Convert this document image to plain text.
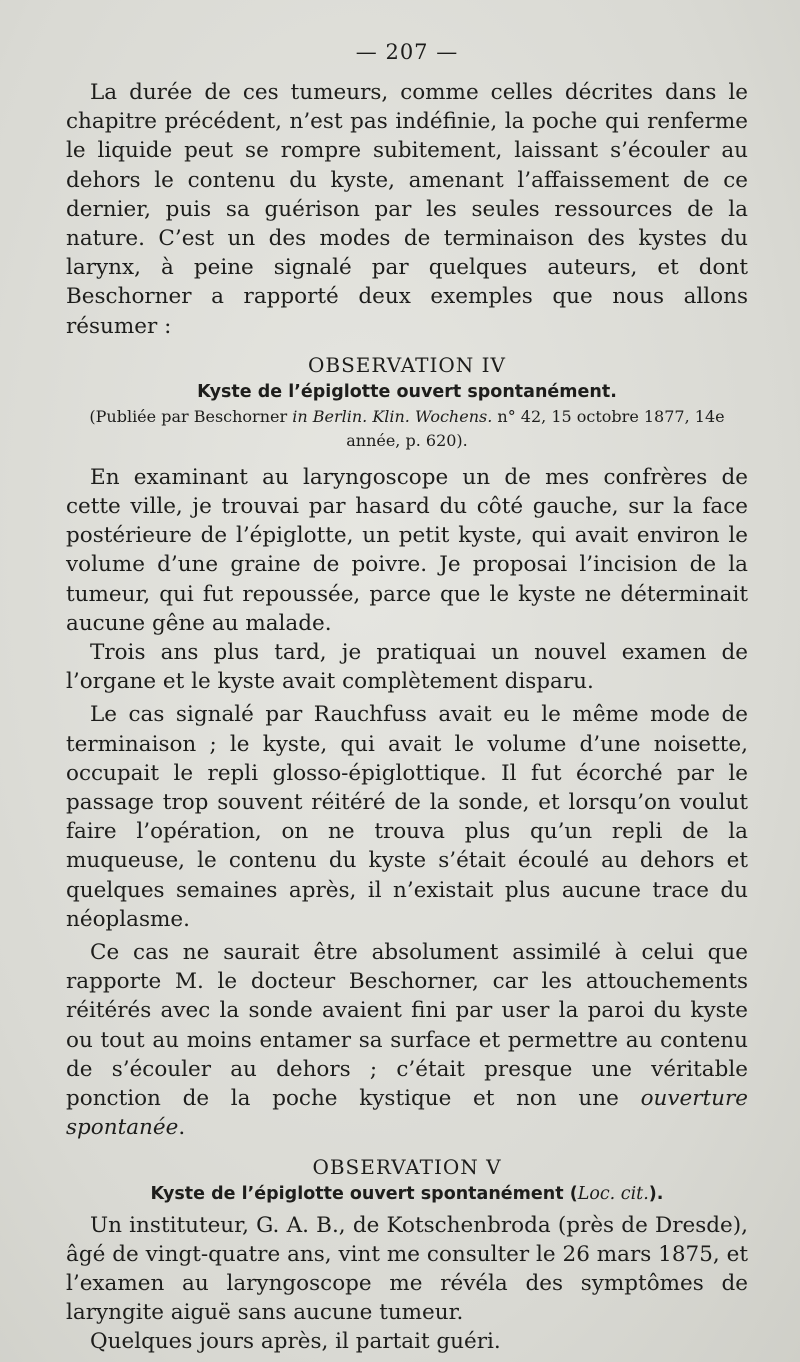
— 207 —

La durée de ces tumeurs, comme celles décrites dans le chapitre précédent, n’est pas indéfinie, la poche qui renferme le liquide peut se rompre subitement, laissant s’écouler au dehors le contenu du kyste, amenant l’affaissement de ce dernier, puis sa guérison par les seules ressources de la nature. C’est un des modes de terminaison des kystes du larynx, à peine signalé par quelques auteurs, et dont Beschorner a rapporté deux exemples que nous allons résumer :

OBSERVATION IV
Kyste de l’épiglotte ouvert spontanément.
(Publiée par Beschorner in Berlin. Klin. Wochens. n° 42, 15 octobre 1877, 14e année, p. 620).

En examinant au laryngoscope un de mes confrères de cette ville, je trouvai par hasard du côté gauche, sur la face postérieure de l’épiglotte, un petit kyste, qui avait environ le volume d’une graine de poivre. Je proposai l’incision de la tumeur, qui fut repoussée, parce que le kyste ne déterminait aucune gêne au malade.

Trois ans plus tard, je pratiquai un nouvel examen de l’organe et le kyste avait complètement disparu.

Le cas signalé par Rauchfuss avait eu le même mode de terminaison ; le kyste, qui avait le volume d’une noisette, occupait le repli glosso-épiglottique. Il fut écorché par le passage trop souvent réitéré de la sonde, et lorsqu’on voulut faire l’opération, on ne trouva plus qu’un repli de la muqueuse, le contenu du kyste s’était écoulé au dehors et quelques semaines après, il n’existait plus aucune trace du néoplasme.

Ce cas ne saurait être absolument assimilé à celui que rapporte M. le docteur Beschorner, car les attouchements réitérés avec la sonde avaient fini par user la paroi du kyste ou tout au moins entamer sa surface et permettre au contenu de s’écouler au dehors ; c’était presque une véritable ponction de la poche kystique et non une ouverture spontanée.

OBSERVATION V
Kyste de l’épiglotte ouvert spontanément (Loc. cit.).

Un instituteur, G. A. B., de Kotschenbroda (près de Dresde), âgé de vingt-quatre ans, vint me consulter le 26 mars 1875, et l’examen au laryngoscope me révéla des symptômes de laryngite aiguë sans aucune tumeur.

Quelques jours après, il partait guéri.
